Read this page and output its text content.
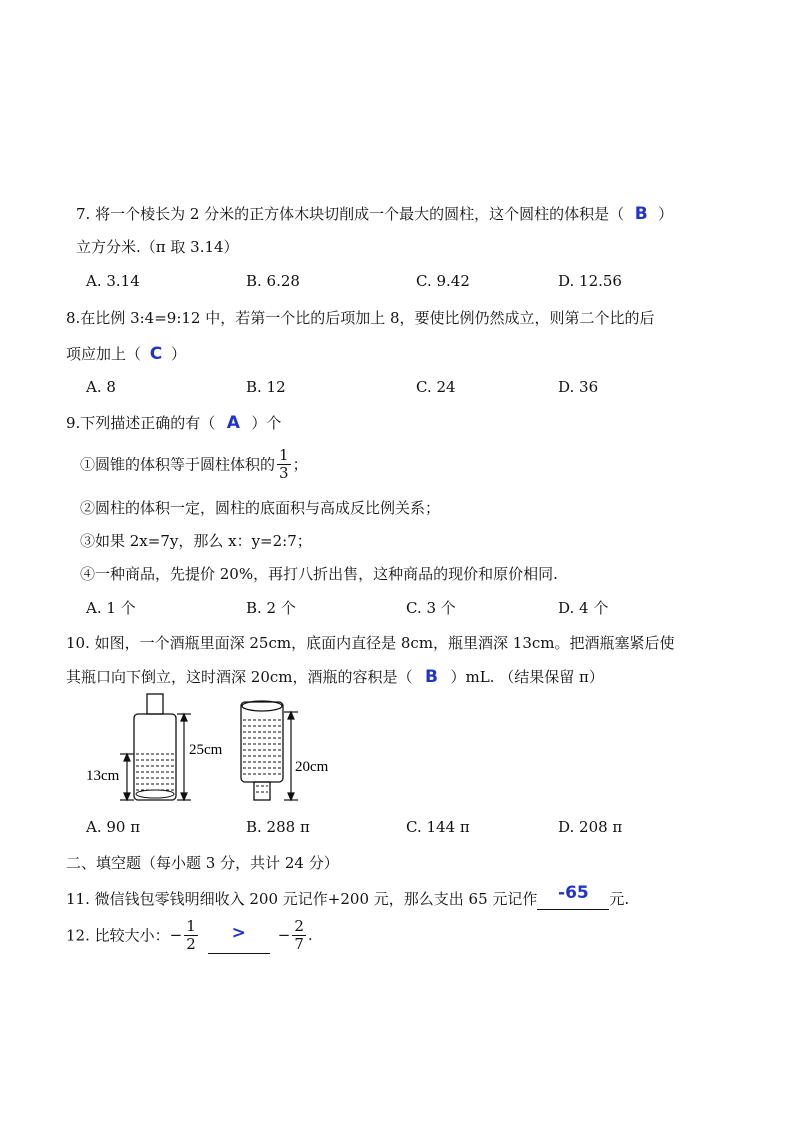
7. 将一个棱长为 2 分米的正方体木块切削成一个最大的圆柱，这个圆柱的体积是（ B ）
立方分米.（π 取 3.14）
A. 3.14	B. 6.28	C. 9.42	D. 12.56
8.在比例 3:4=9:12 中，若第一个比的后项加上 8，要使比例仍然成立，则第二个比的后
项应加上（ C ）
A. 8	B. 12	C. 24	D. 36
9.下列描述正确的有（ A ）个
①圆锥的体积等于圆柱体积的 $\frac{1}{3}$ ；
②圆柱的体积一定，圆柱的底面积与高成反比例关系；
③如果 2x=7y，那么 x：y=2:7；
④一种商品，先提价 20%，再打八折出售，这种商品的现价和原价相同.
A. 1 个	B. 2 个	C. 3 个	D. 4 个
10. 如图，一个酒瓶里面深 25cm，底面内直径是 8cm，瓶里酒深 13cm。把酒瓶塞紧后使
其瓶口向下倒立，这时酒深 20cm，酒瓶的容积是（ B ）mL. （结果保留 π）
13cm
25cm
20cm
A. 90 π	B. 288 π	C. 144 π	D. 208 π
二、填空题（每小题 3 分，共计 24 分）
11. 微信钱包零钱明细收入 200 元记作+200 元，那么支出 65 元记作 -65 元.
12. 比较大小：− $\frac{1}{2}$ > − $\frac{2}{7}$ .
